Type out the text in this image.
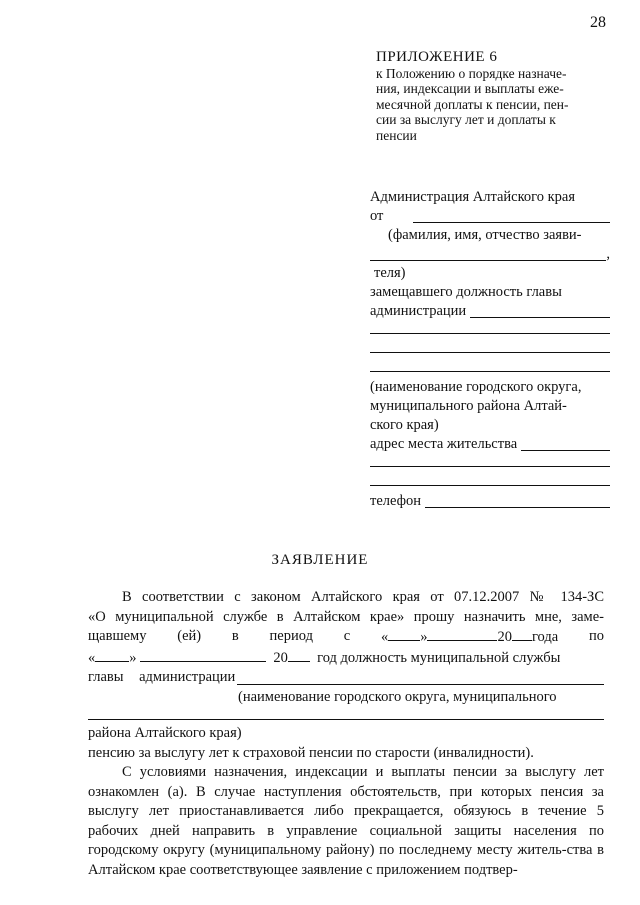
28
ПРИЛОЖЕНИЕ 6
к Положению о порядке назначе-
ния, индексации и выплаты еже-
месячной доплаты к пенсии, пен-
сии за выслугу лет и доплаты к
пенсии
Администрация Алтайского края
от
(фамилия, имя, отчество заяви-
,
теля)
замещавшего должность главы
администрации
(наименование городского округа,
муниципального района Алтай-
ского края)
адрес места жительства
телефон
ЗАЯВЛЕНИЕ

В соответствии с законом Алтайского края от 07.12.2007 № 134-ЗС

«О муниципальной службе в Алтайском крае» прошу назначить мне, заме-

щавшему (ей) в период с « »	20 года по
« »	20 год должность муниципальной службы
главы администрации
(наименование городского округа, муниципального
района Алтайского края)
пенсию за выслугу лет к страховой пенсии по старости (инвалидности).

С условиями назначения, индексации и выплаты пенсии за выслугу лет ознакомлен (а). В случае наступления обстоятельств, при которых пенсия за выслугу лет приостанавливается либо прекращается, обязуюсь в течение 5 рабочих дней направить в управление социальной защиты населения по городскому округу (муниципальному району) по последнему месту житель-ства в Алтайском крае соответствующее заявление с приложением подтвер-
